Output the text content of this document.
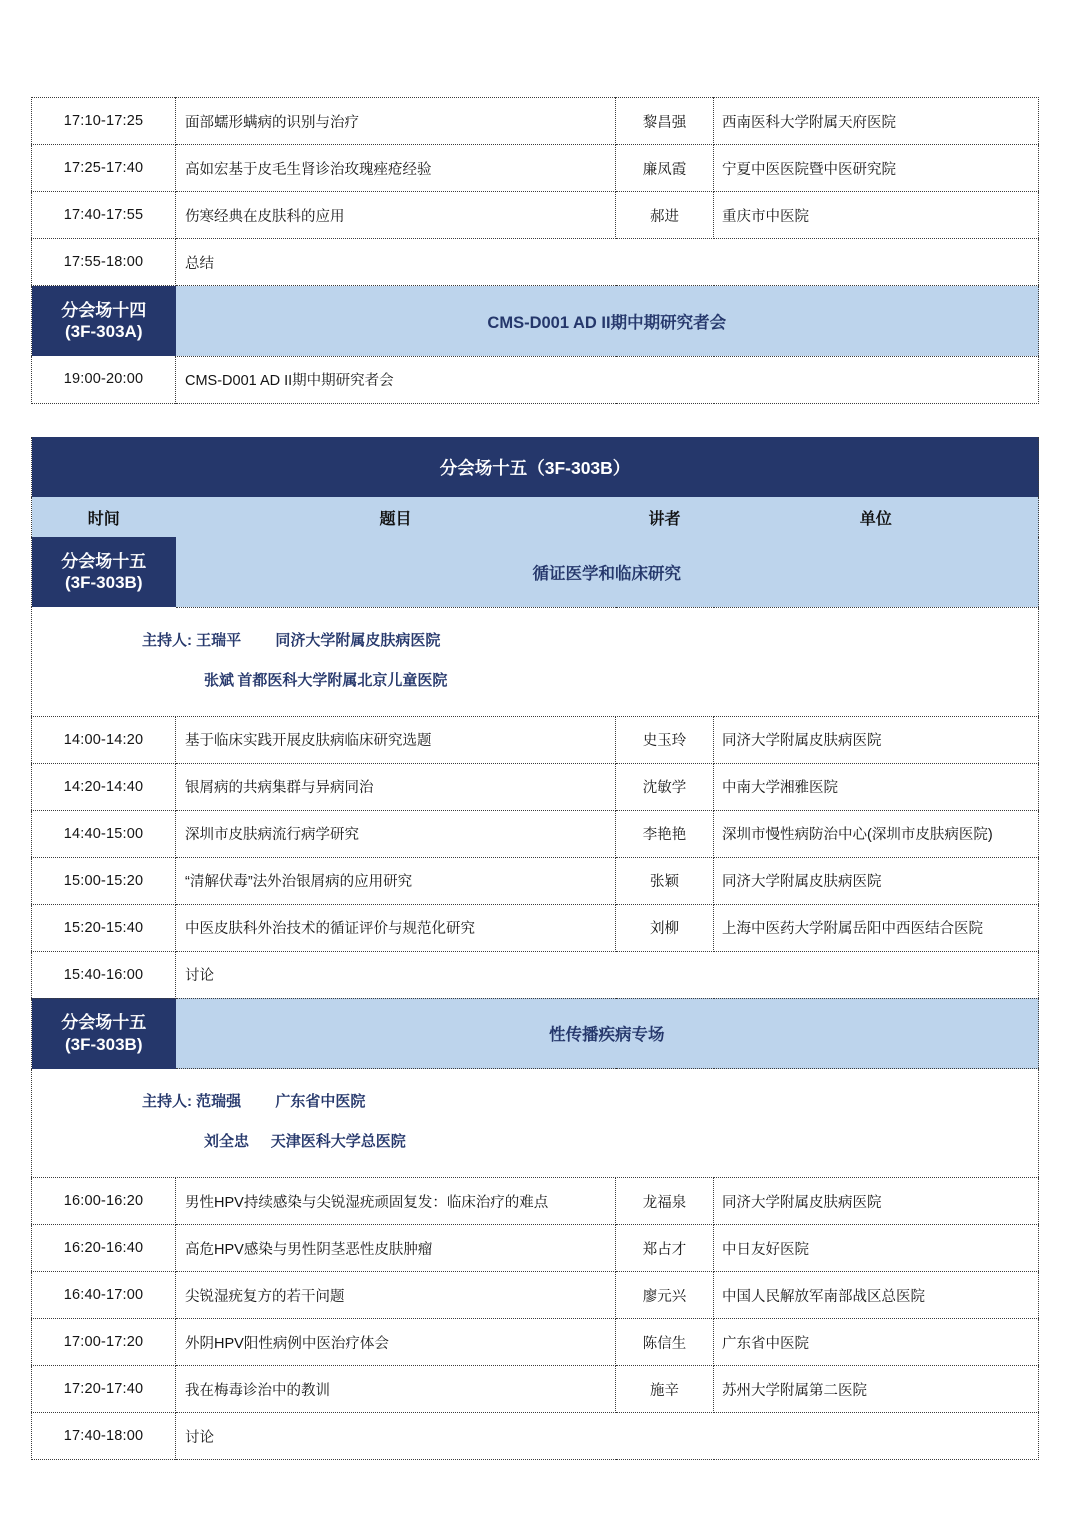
17:10-17:25	面部蠕形螨病的识别与治疗	黎昌强	西南医科大学附属天府医院
17:25-17:40	高如宏基于皮毛生肾诊治玫瑰痤疮经验	廉凤霞	宁夏中医医院暨中医研究院
17:40-17:55	伤寒经典在皮肤科的应用	郝进	重庆市中医院
17:55-18:00	总结		

分会场十四
(3F-303A)	CMS-D001 AD II期中期研究者会		
19:00-20:00	CMS-D001 AD II期中期研究者会		
分会场十五（3F-303B）			
时间	题目	讲者	单位

分会场十五
(3F-303B)	循证医学和临床研究		

主持人: 王瑞平	同济大学附属皮肤病医院
张斌	首都医科大学附属北京儿童医院			

14:00-14:20	基于临床实践开展皮肤病临床研究选题	史玉玲	同济大学附属皮肤病医院
14:20-14:40	银屑病的共病集群与异病同治	沈敏学	中南大学湘雅医院
14:40-15:00	深圳市皮肤病流行病学研究	李艳艳	深圳市慢性病防治中心(深圳市皮肤病医院)
15:00-15:20	“清解伏毒”法外治银屑病的应用研究	张颖	同济大学附属皮肤病医院
15:20-15:40	中医皮肤科外治技术的循证评价与规范化研究	刘柳	上海中医药大学附属岳阳中西医结合医院
15:40-16:00	讨论		

分会场十五
(3F-303B)	性传播疾病专场		

主持人: 范瑞强	广东省中医院
刘全忠	天津医科大学总医院			

16:00-16:20	男性HPV持续感染与尖锐湿疣顽固复发：临床治疗的难点	龙福泉	同济大学附属皮肤病医院
16:20-16:40	高危HPV感染与男性阴茎恶性皮肤肿瘤	郑占才	中日友好医院
16:40-17:00	尖锐湿疣复方的若干问题	廖元兴	中国人民解放军南部战区总医院
17:00-17:20	外阴HPV阳性病例中医治疗体会	陈信生	广东省中医院
17:20-17:40	我在梅毒诊治中的教训	施辛	苏州大学附属第二医院
17:40-18:00	讨论		
